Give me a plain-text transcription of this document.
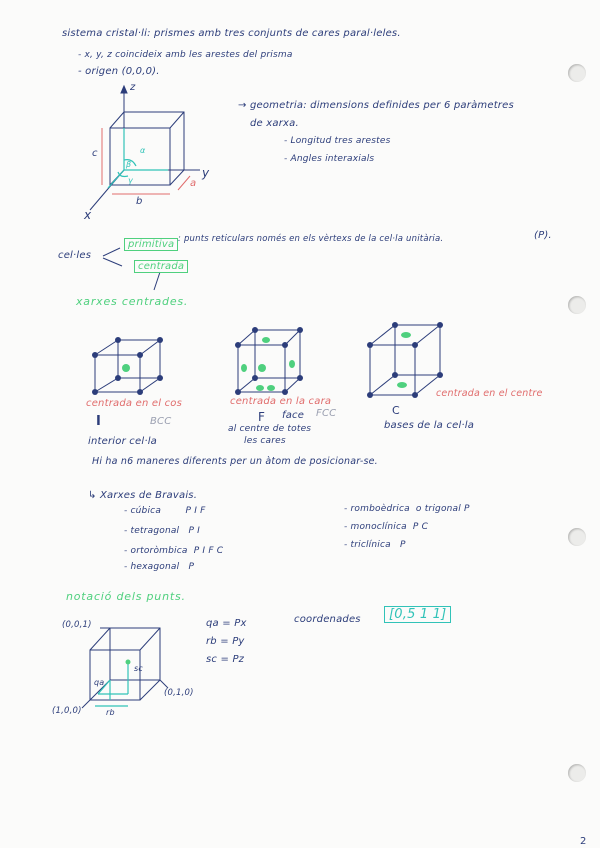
sistema cristal·li: prismes amb tres conjunts de cares paral·leles.
- x, y, z coincideix amb les arestes del prisma
- origen (0,0,0).
z
y
x
a
b
c	α
β
γ
→ geometria: dimensions definides per 6 paràmetres
de xarxa.
- Longitud tres arestes
- Angles interaxials
cel·les
primitiva : punts reticulars només en els vèrtexs de la cel·la unitària.	(P).
centrada
xarxes centrades.
centrada en el cos
I	BCC
interior cel·la
centrada en la cara
F face FCC
al centre de totes
les cares
centrada en el centre
C
bases de la cel·la
Hi ha n6 maneres diferents per un àtom de posicionar-se.
↳ Xarxes de Bravais.
- cúbica        P I F
- tetragonal   P I
- ortoròmbica  P I F C
- hexagonal   P
- romboèdrica  o trigonal P
- monoclínica  P C
- triclínica   P
notació dels punts.
(0,0,1)
(0,1,0)
(1,0,0)
qa
rb
sc
qa = Px
rb = Py
sc = Pz
coordenades	[0,5 1 1]
2
